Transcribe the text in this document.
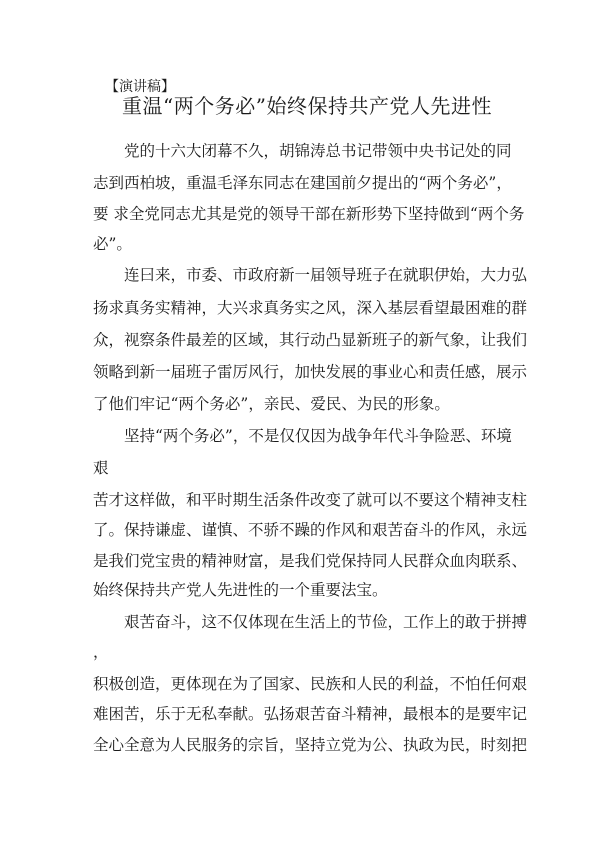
【演讲稿】
重温“两个务必”始终保持共产党人先进性
党的十六大闭幕不久，胡锦涛总书记带领中央书记处的同
志到西柏坡，重温毛泽东同志在建国前夕提出的“两个务必”，
要 求全党同志尤其是党的领导干部在新形势下坚持做到“两个务
必”。
连曰来，市委、市政府新一届领导班子在就职伊始，大力弘
扬求真务实精神，大兴求真务实之风，深入基层看望最困难的群
众，视察条件最差的区域，其行动凸显新班子的新气象，让我们
领略到新一届班子雷厉风行，加快发展的事业心和责任感，展示
了他们牢记“两个务必”，亲民、爱民、为民的形象。
坚持“两个务必”，不是仅仅因为战争年代斗争险恶、环境
艰
苦才这样做，和平时期生活条件改变了就可以不要这个精神支柱
了。保持谦虚、谨慎、不骄不躁的作风和艰苦奋斗的作风，永远
是我们党宝贵的精神财富，是我们党保持同人民群众血肉联系、
始终保持共产党人先进性的一个重要法宝。
艰苦奋斗，这不仅体现在生活上的节俭，工作上的敢于拼搏
，
积极创造，更体现在为了国家、民族和人民的利益，不怕任何艰
难困苦，乐于无私奉献。弘扬艰苦奋斗精神，最根本的是要牢记
全心全意为人民服务的宗旨，坚持立党为公、执政为民，时刻把
